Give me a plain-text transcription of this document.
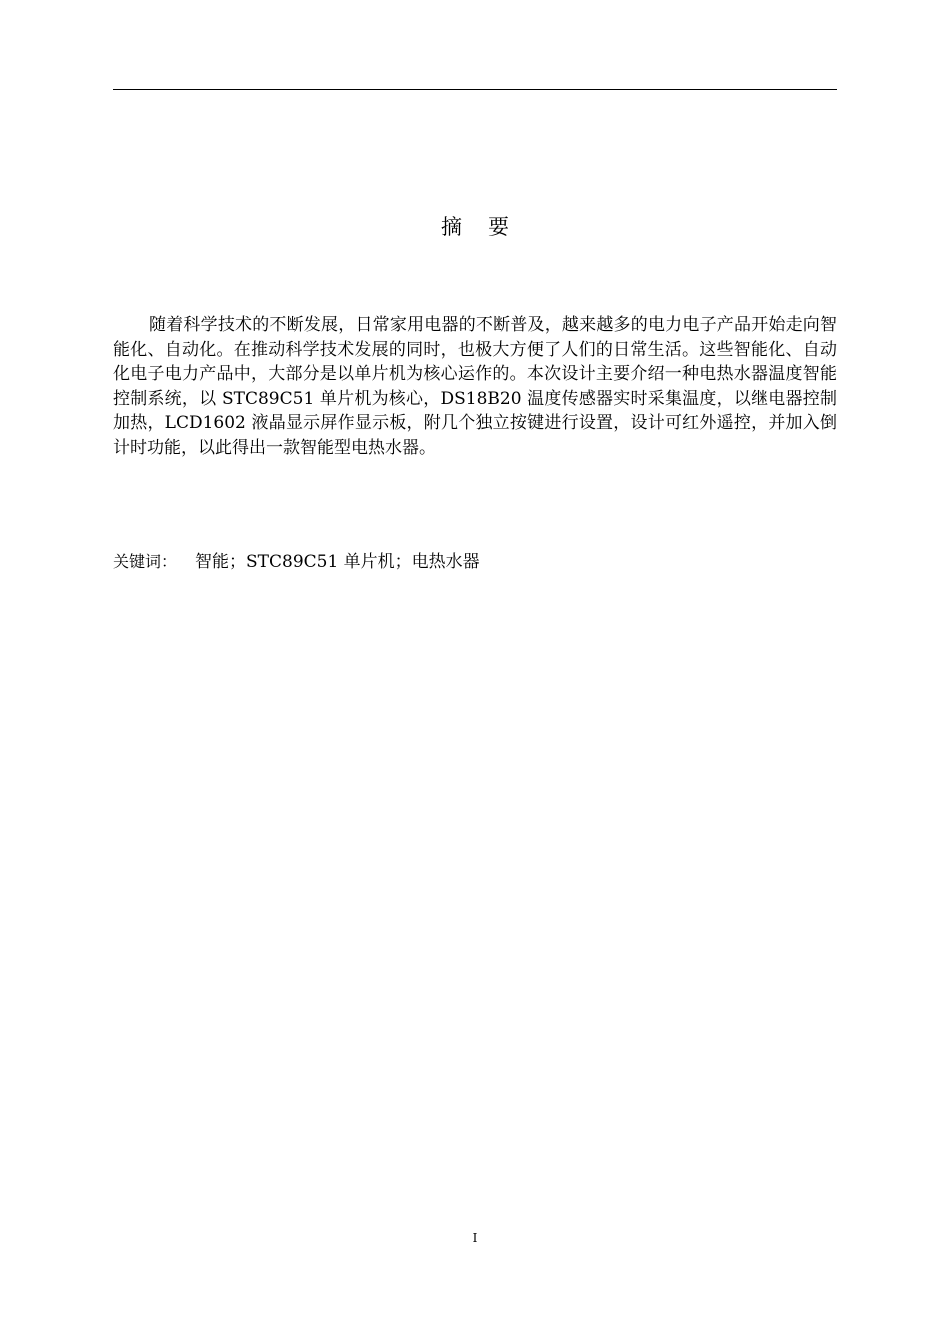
摘要

随着科学技术的不断发展，日常家用电器的不断普及，越来越多的电力电子产品开始走向智能化、自动化。在推动科学技术发展的同时，也极大方便了人们的日常生活。这些智能化、自动化电子电力产品中，大部分是以单片机为核心运作的。本次设计主要介绍一种电热水器温度智能控制系统，以 STC89C51 单片机为核心，DS18B20 温度传感器实时采集温度，以继电器控制加热，LCD1602 液晶显示屏作显示板，附几个独立按键进行设置，设计可红外遥控，并加入倒计时功能，以此得出一款智能型电热水器。

关键词： 智能；STC89C51 单片机；电热水器
I
